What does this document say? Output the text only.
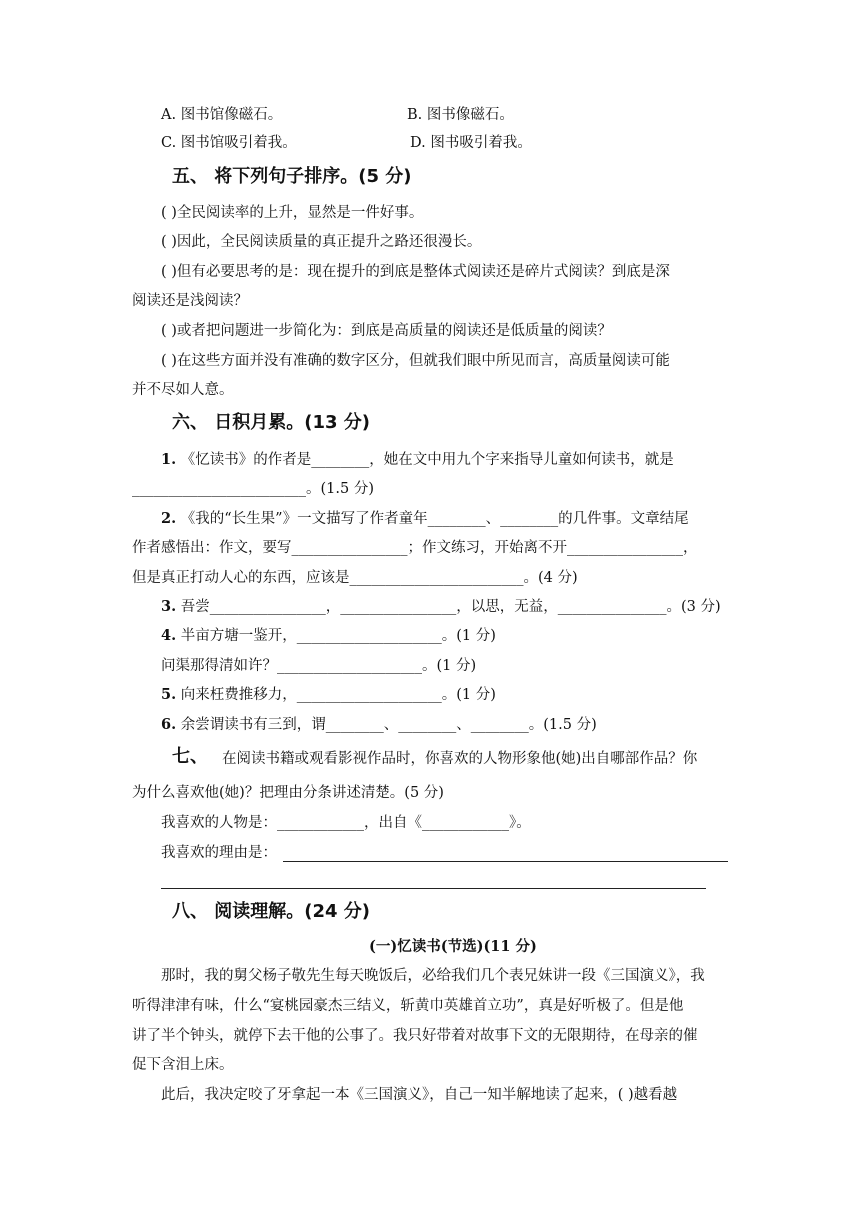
A. 图书馆像磁石。	B. 图书像磁石。
C. 图书馆吸引着我。	D. 图书吸引着我。
五、 将下列句子排序。(5 分)
( )全民阅读率的上升，显然是一件好事。
( )因此，全民阅读质量的真正提升之路还很漫长。
( )但有必要思考的是：现在提升的到底是整体式阅读还是碎片式阅读？到底是深
阅读还是浅阅读？
( )或者把问题进一步简化为：到底是高质量的阅读还是低质量的阅读？
( )在这些方面并没有准确的数字区分，但就我们眼中所见而言，高质量阅读可能
并不尽如人意。
六、 日积月累。(13 分)
1. 《忆读书》的作者是________，她在文中用九个字来指导儿童如何读书，就是
________________________。(1.5 分)
2. 《我的“长生果”》一文描写了作者童年________、________的几件事。文章结尾
作者感悟出：作文，要写________________；作文练习，开始离不开________________，
但是真正打动人心的东西，应该是________________________。(4 分)
3. 吾尝________________，________________，以思，无益，_______________。(3 分)
4. 半亩方塘一鉴开，____________________。(1 分)
问渠那得清如许？____________________。(1 分)
5. 向来枉费推移力，____________________。(1 分)
6. 余尝谓读书有三到，谓________、________、________。(1.5 分)
七、 在阅读书籍或观看影视作品时，你喜欢的人物形象他(她)出自哪部作品？你
为什么喜欢他(她)？把理由分条讲述清楚。(5 分)
我喜欢的人物是：____________，出自《____________》。
我喜欢的理由是：
八、 阅读理解。(24 分)
(一)忆读书(节选)(11 分)
那时，我的舅父杨子敬先生每天晚饭后，必给我们几个表兄妹讲一段《三国演义》，我
听得津津有味，什么“宴桃园豪杰三结义，斩黄巾英雄首立功”，真是好听极了。但是他
讲了半个钟头，就停下去干他的公事了。我只好带着对故事下文的无限期待，在母亲的催
促下含泪上床。
此后，我决定咬了牙拿起一本《三国演义》，自己一知半解地读了起来，( )越看越
